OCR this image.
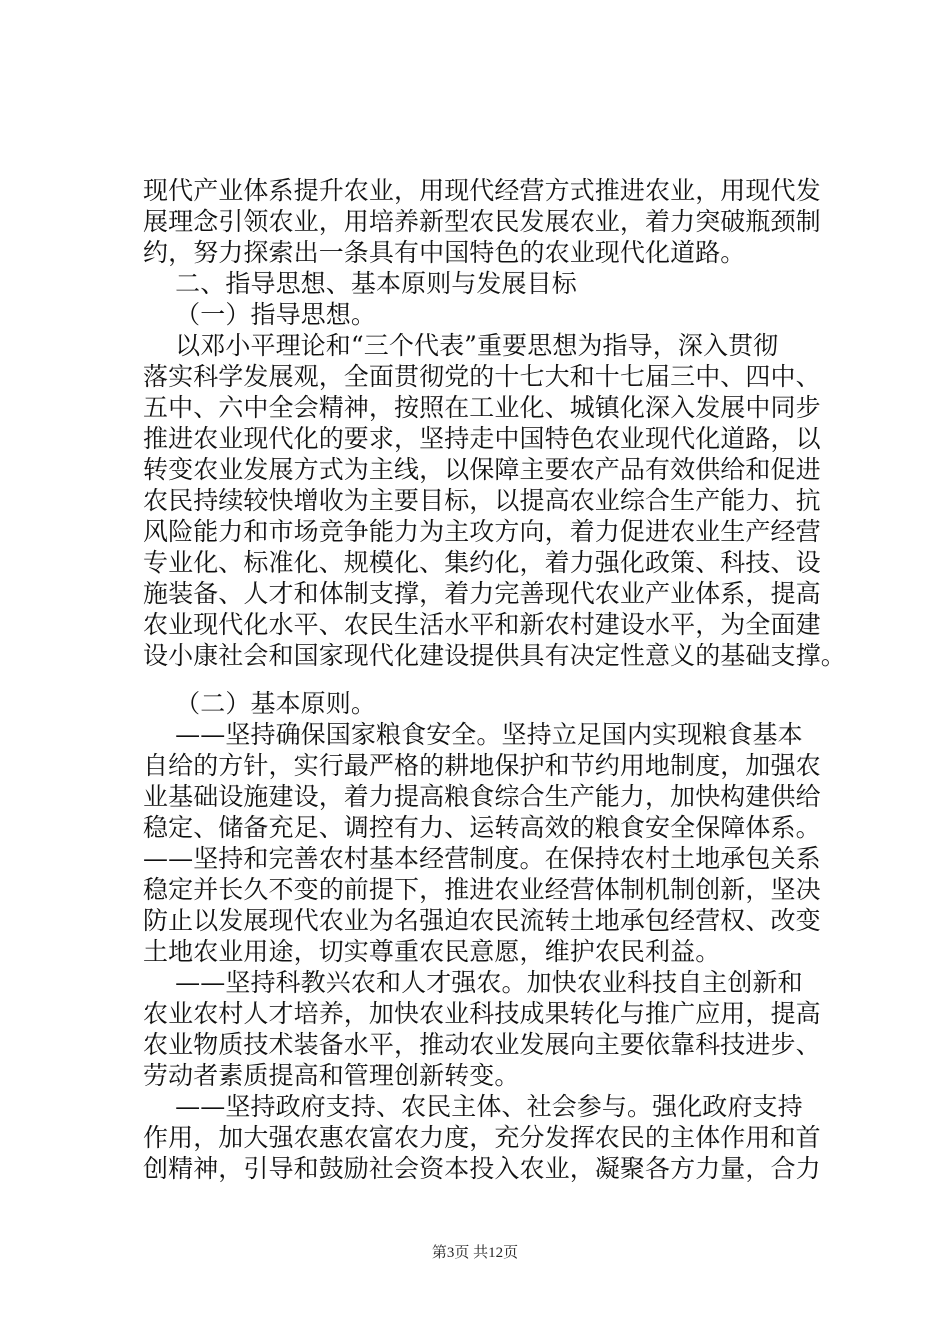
现代产业体系提升农业，用现代经营方式推进农业，用现代发
展理念引领农业，用培养新型农民发展农业，着力突破瓶颈制
约，努力探索出一条具有中国特色的农业现代化道路。
二、指导思想、基本原则与发展目标
（一）指导思想。
以邓小平理论和“三个代表”重要思想为指导，深入贯彻
落实科学发展观，全面贯彻党的十七大和十七届三中、四中、
五中、六中全会精神，按照在工业化、城镇化深入发展中同步
推进农业现代化的要求，坚持走中国特色农业现代化道路，以
转变农业发展方式为主线，以保障主要农产品有效供给和促进
农民持续较快增收为主要目标，以提高农业综合生产能力、抗
风险能力和市场竞争能力为主攻方向，着力促进农业生产经营
专业化、标准化、规模化、集约化，着力强化政策、科技、设
施装备、人才和体制支撑，着力完善现代农业产业体系，提高
农业现代化水平、农民生活水平和新农村建设水平，为全面建
设小康社会和国家现代化建设提供具有决定性意义的基础支撑。
（二）基本原则。
——坚持确保国家粮食安全。坚持立足国内实现粮食基本
自给的方针，实行最严格的耕地保护和节约用地制度，加强农
业基础设施建设，着力提高粮食综合生产能力，加快构建供给
稳定、储备充足、调控有力、运转高效的粮食安全保障体系。
——坚持和完善农村基本经营制度。在保持农村土地承包关系
稳定并长久不变的前提下，推进农业经营体制机制创新，坚决
防止以发展现代农业为名强迫农民流转土地承包经营权、改变
土地农业用途，切实尊重农民意愿，维护农民利益。
——坚持科教兴农和人才强农。加快农业科技自主创新和
农业农村人才培养，加快农业科技成果转化与推广应用，提高
农业物质技术装备水平，推动农业发展向主要依靠科技进步、
劳动者素质提高和管理创新转变。
——坚持政府支持、农民主体、社会参与。强化政府支持
作用，加大强农惠农富农力度，充分发挥农民的主体作用和首
创精神，引导和鼓励社会资本投入农业，凝聚各方力量，合力
第3页 共12页
